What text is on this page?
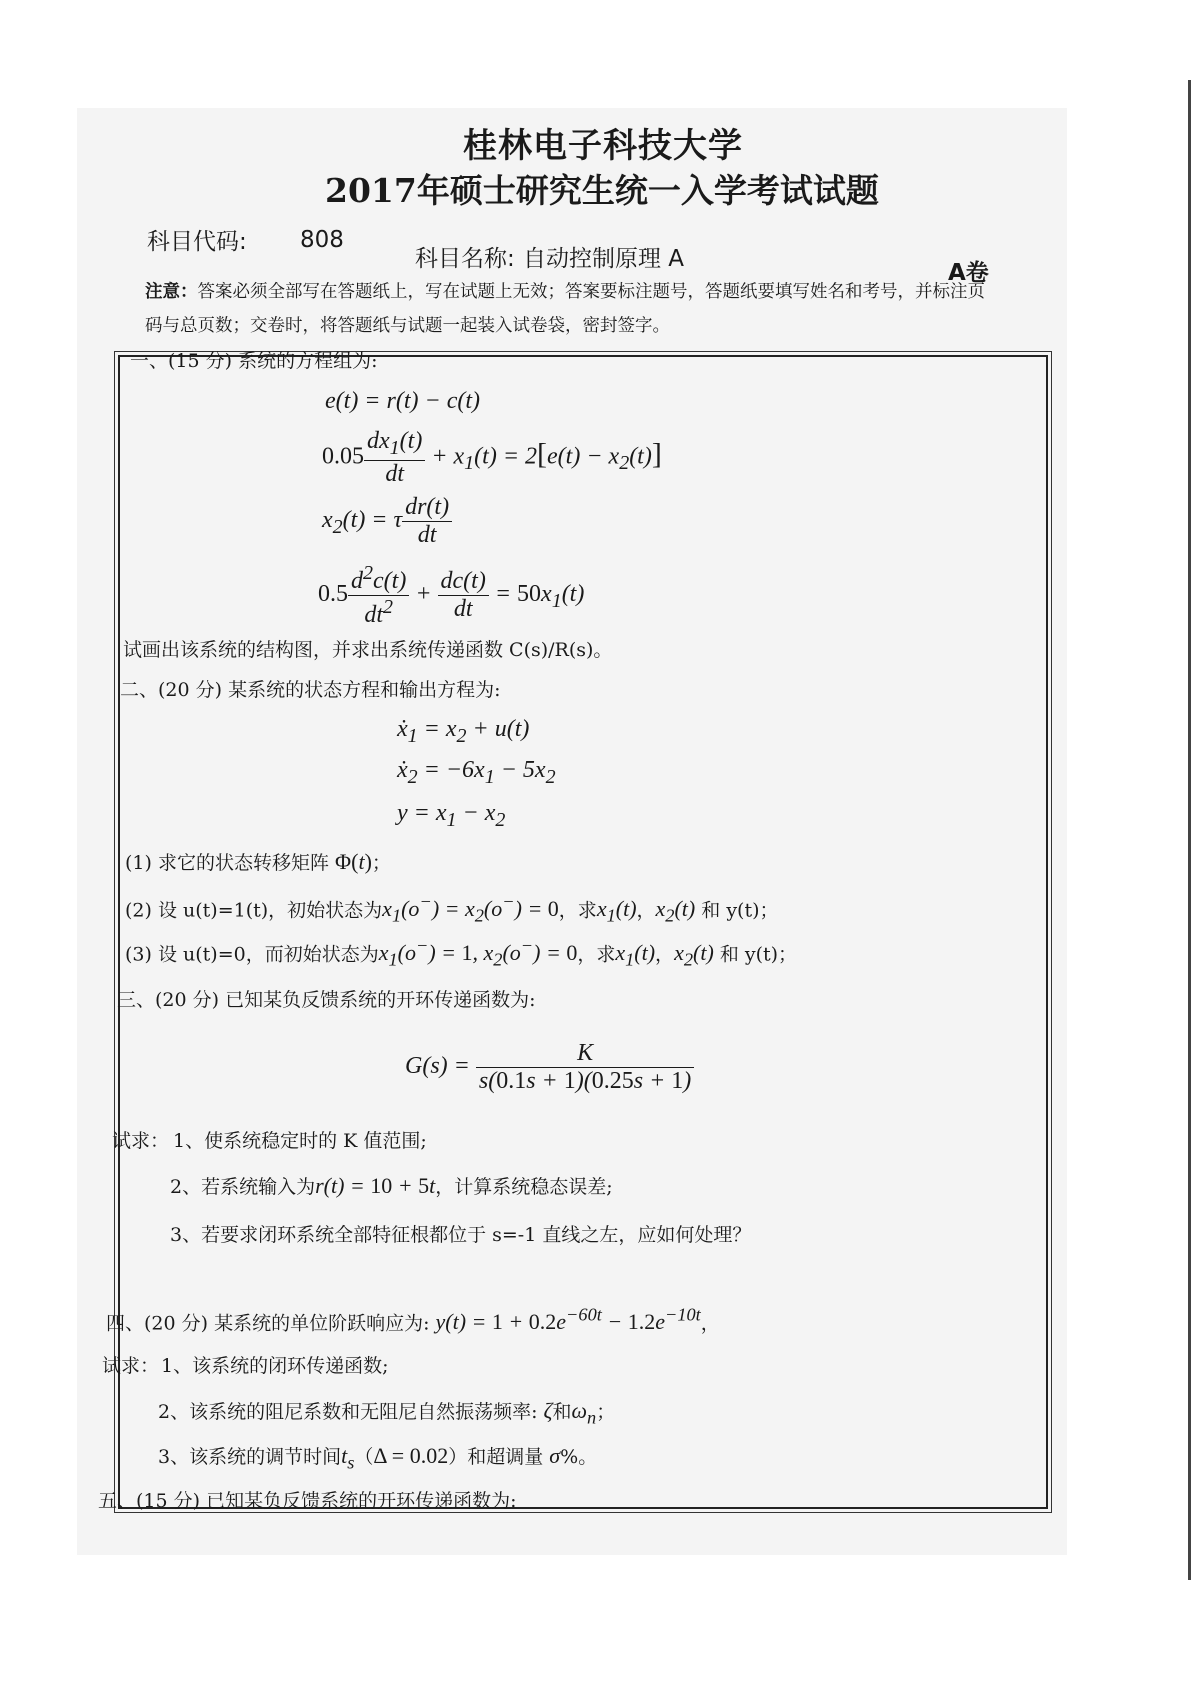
桂林电子科技大学
2017年硕士研究生统一入学考试试题
科目代码: 808
科目名称: 自动控制原理 A
A卷
注意：答案必须全部写在答题纸上，写在试题上无效；答案要标注题号，答题纸要填写姓名和考号，并标注页
码与总页数；交卷时，将答题纸与试题一起装入试卷袋，密封签字。
一、(15 分) 系统的方程组为:
e(t) = r(t) − c(t)
$0.05 \frac{dx_1(t)}{dt} + x_1(t) = 2[e(t) - x_2(t)]$
$x_2(t) = \tau \frac{dr(t)}{dt}$
$0.5 \frac{d^2c(t)}{dt^2} + \frac{dc(t)}{dt} = 50x_1(t)$
试画出该系统的结构图，并求出系统传递函数 C(s)/R(s)。
二、(20 分) 某系统的状态方程和输出方程为:
ẋ$_1$ = $x_2 + u(t)$
ẋ$_2$ = $-6x_1 - 5x_2$
$y = x_1 - x_2$
(1) 求它的状态转移矩阵 Φ(t)；
(2) 设 u(t)=1(t)，初始状态为$x_1(o^-) = x_2(o^-) = 0$，求$x_1(t)$，$x_2(t)$ 和 y(t)；
(3) 设 u(t)=0，而初始状态为$x_1(o^-) = 1$, $x_2(o^-) = 0$，求$x_1(t)$，$x_2(t)$ 和 y(t)；
三、(20 分) 已知某负反馈系统的开环传递函数为:
$G(s) = \frac{K}{s(0.1s + 1)(0.25s + 1)}$
试求： 1、使系统稳定时的 K 值范围;
2、若系统输入为r(t) = 10 + 5t，计算系统稳态误差;
3、若要求闭环系统全部特征根都位于 s=-1 直线之左，应如何处理？
四、(20 分) 某系统的单位阶跃响应为: $y(t) = 1 + 0.2e^{-60t} - 1.2e^{-10t}$，
试求： 1、该系统的闭环传递函数;
2、该系统的阻尼系数和无阻尼自然振荡频率: ζ和$\omega_n$；
3、该系统的调节时间$t_s(\Delta = 0.02)$和超调量 σ%。
五、(15 分) 已知某负反馈系统的开环传递函数为:
